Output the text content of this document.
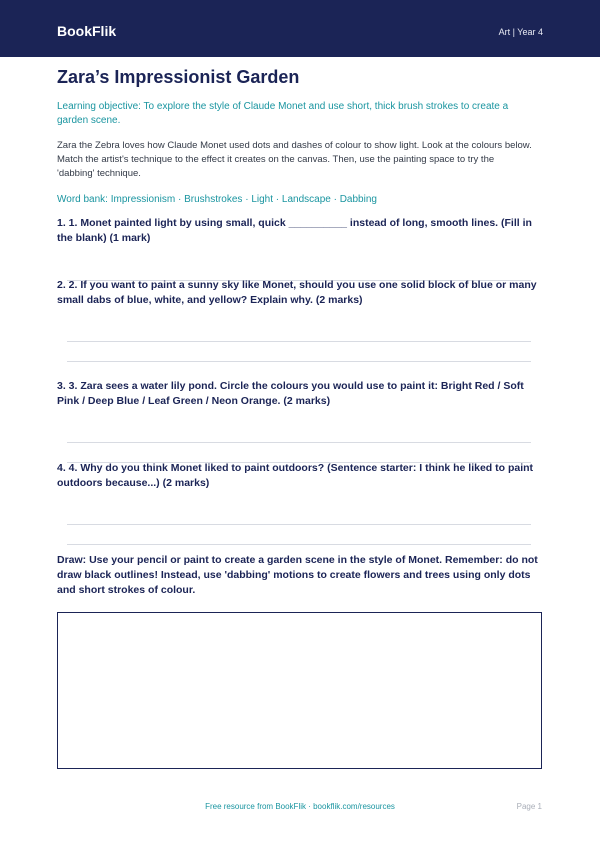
BookFlik	Art | Year 4
Zara’s Impressionist Garden
Learning objective: To explore the style of Claude Monet and use short, thick brush strokes to create a garden scene.
Zara the Zebra loves how Claude Monet used dots and dashes of colour to show light. Look at the colours below. Match the artist's technique to the effect it creates on the canvas. Then, use the painting space to try the 'dabbing' technique.
Word bank: Impressionism · Brushstrokes · Light · Landscape · Dabbing
1. 1. Monet painted light by using small, quick __________ instead of long, smooth lines. (Fill in the blank) (1 mark)
2. 2. If you want to paint a sunny sky like Monet, should you use one solid block of blue or many small dabs of blue, white, and yellow? Explain why. (2 marks)
3. 3. Zara sees a water lily pond. Circle the colours you would use to paint it: Bright Red / Soft Pink / Deep Blue / Leaf Green / Neon Orange. (2 marks)
4. 4. Why do you think Monet liked to paint outdoors? (Sentence starter: I think he liked to paint outdoors because...) (2 marks)
Draw: Use your pencil or paint to create a garden scene in the style of Monet. Remember: do not draw black outlines! Instead, use 'dabbing' motions to create flowers and trees using only dots and short strokes of colour.
Free resource from BookFlik · bookflik.com/resources	Page 1
